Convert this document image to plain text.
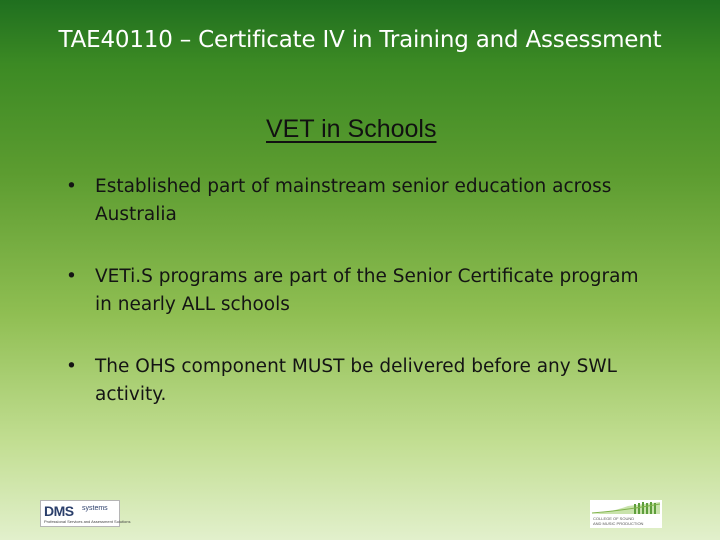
TAE40110 – Certificate IV in Training and Assessment
VET in Schools
• Established part of mainstream senior education across
Australia
• VETi.S programs are part of the Senior Certificate program
in nearly ALL schools
• The OHS component MUST be delivered before any SWL
activity.
DMS systems
Professional Services and Assessment Solutions
COLLEGE OF SOUND
AND MUSIC PRODUCTION
